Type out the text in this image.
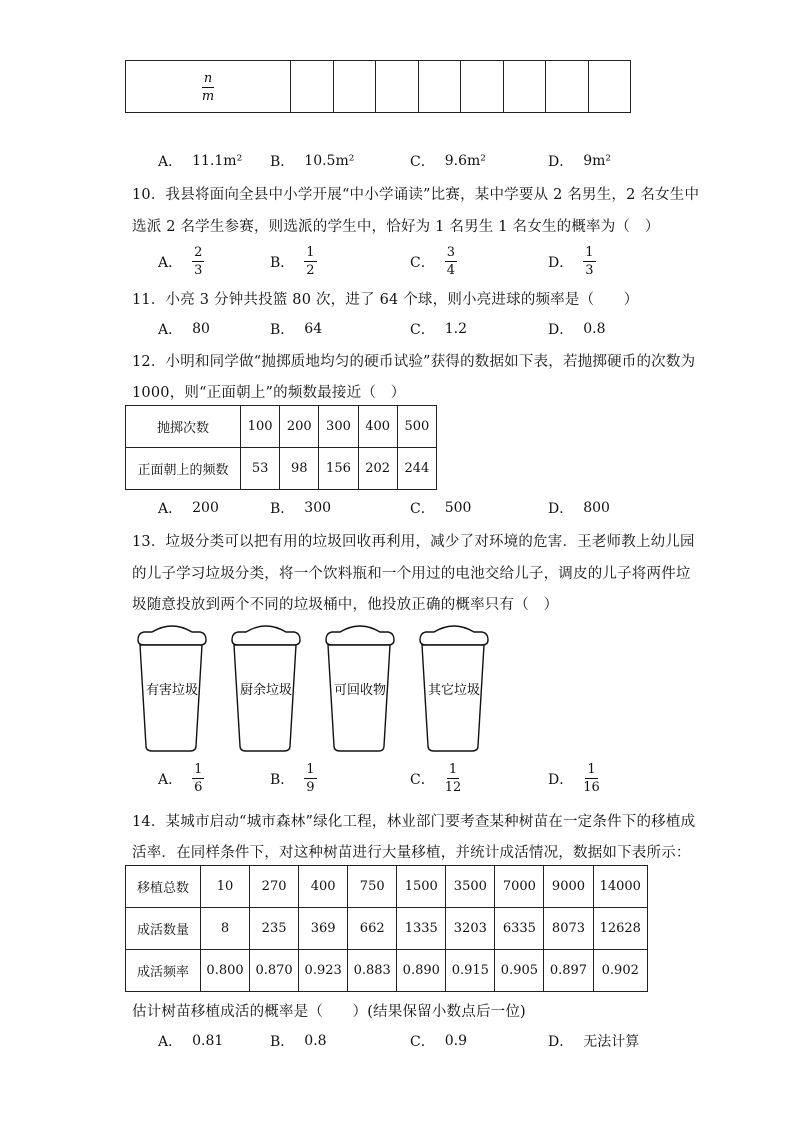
$\frac{n}{m}$

A． 11.1m² B． 10.5m²	C． 9.6m²	D． 9m²
10．我县将面向全县中小学开展“中小学诵读”比赛，某中学要从 2 名男生，2 名女生中
选派 2 名学生参赛，则选派的学生中，恰好为 1 名男生 1 名女生的概率为（　）
A． $\frac{2}{3}$	B． $\frac{1}{2}$	C． $\frac{3}{4}$	D． $\frac{1}{3}$
11．小亮 3 分钟共投篮 80 次，进了 64 个球，则小亮进球的频率是（　　）
A． 80	B． 64	C． 1.2	D． 0.8
12．小明和同学做“抛掷质地均匀的硬币试验”获得的数据如下表，若抛掷硬币的次数为
1000，则“正面朝上”的频数最接近（　）
抛掷次数	100	200	300	400	500
正面朝上的频数	53	98	156	202	244
A． 200	B． 300	C． 500	D． 800
13．垃圾分类可以把有用的垃圾回收再利用，减少了对环境的危害．王老师教上幼儿园
的儿子学习垃圾分类，将一个饮料瓶和一个用过的电池交给儿子，调皮的儿子将两件垃
圾随意投放到两个不同的垃圾桶中，他投放正确的概率只有（　）
有害垃圾	厨余垃圾	可回收物	其它垃圾
A． $\frac{1}{6}$	B． $\frac{1}{9}$	C． $\frac{1}{12}$	D． $\frac{1}{16}$
14．某城市启动“城市森林”绿化工程，林业部门要考查某种树苗在一定条件下的移植成
活率．在同样条件下，对这种树苗进行大量移植，并统计成活情况，数据如下表所示：
移植总数	10	270	400	750	1500	3500	7000	9000	14000
成活数量	8	235	369	662	1335	3203	6335	8073	12628
成活频率	0.800	0.870	0.923	0.883	0.890	0.915	0.905	0.897	0.902
估计树苗移植成活的概率是（　　）(结果保留小数点后一位)
A． 0.81	B． 0.8	C． 0.9	D． 无法计算
